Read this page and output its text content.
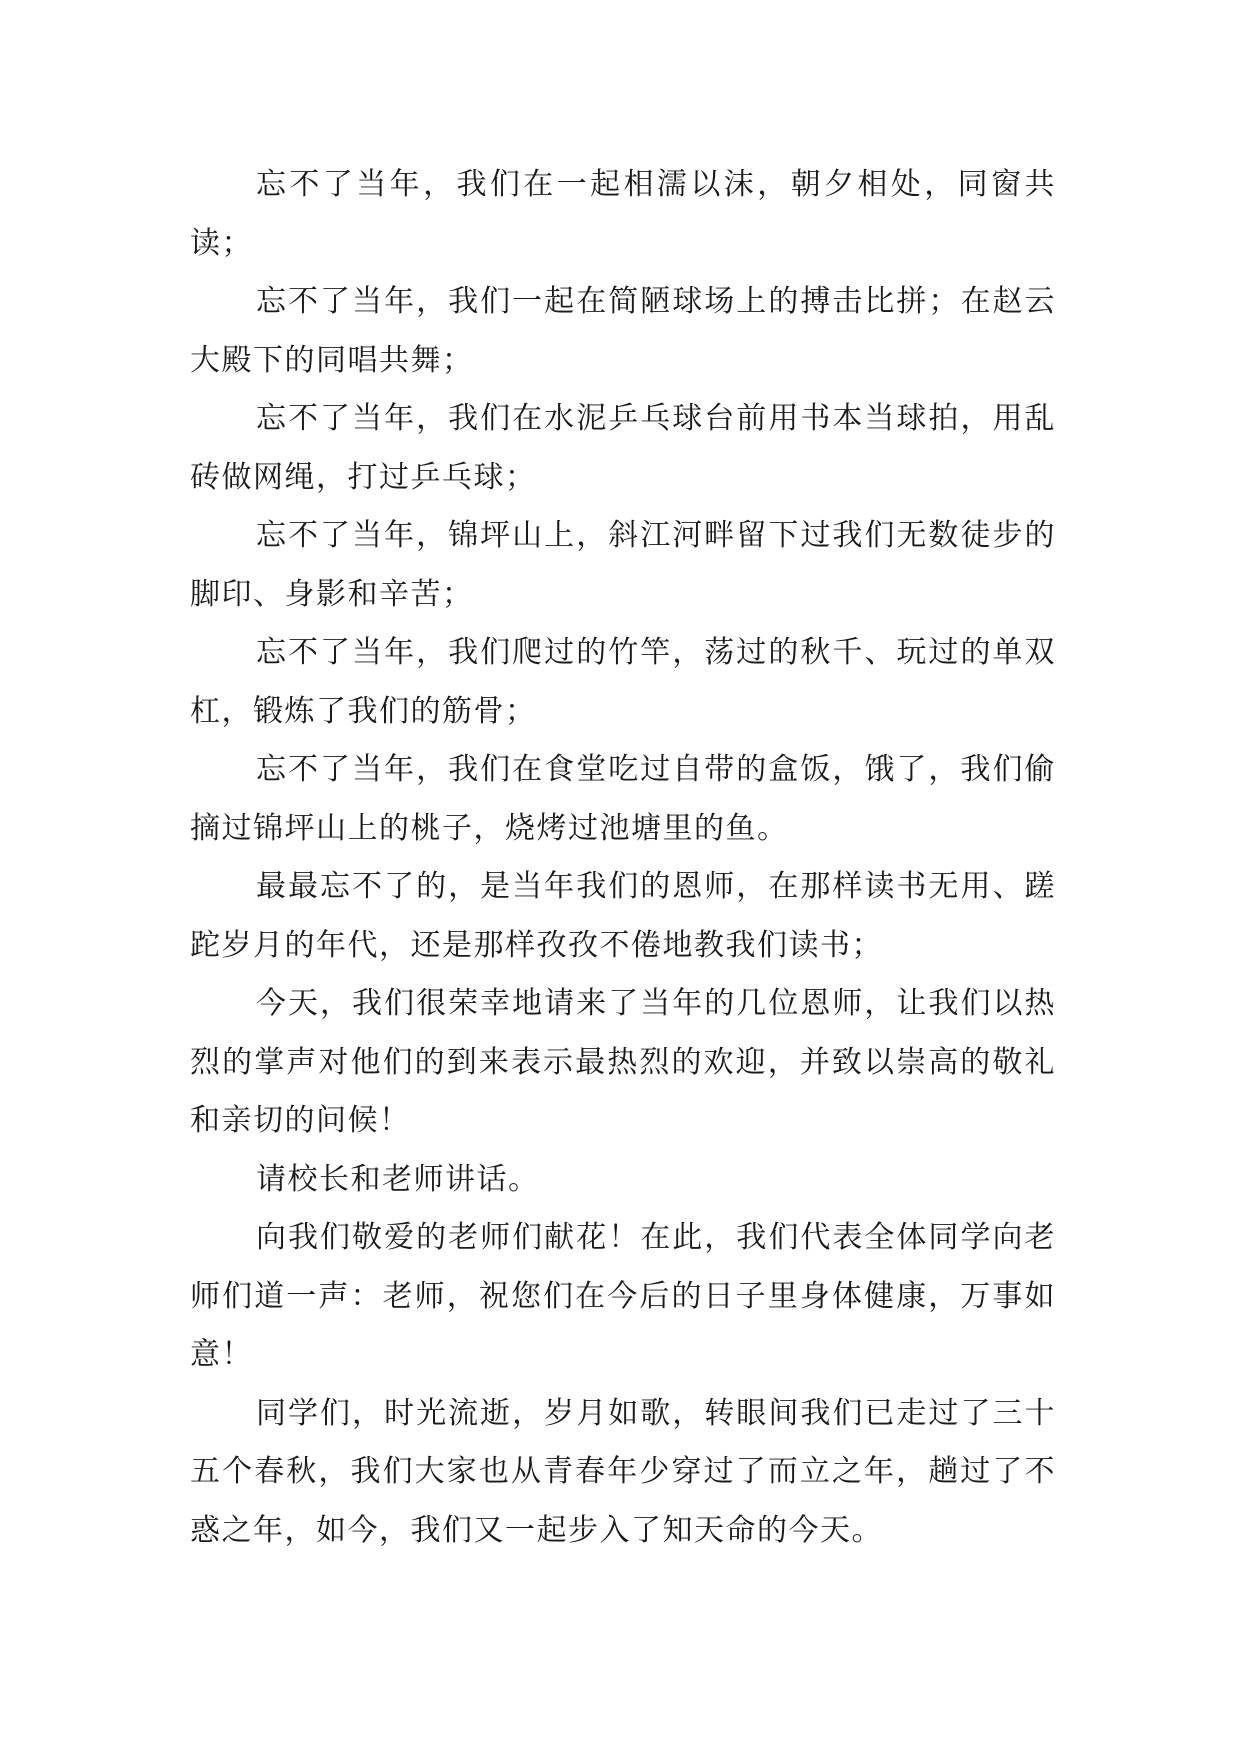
忘不了当年，我们在一起相濡以沫，朝夕相处，同窗共读；

忘不了当年，我们一起在简陋球场上的搏击比拼；在赵云大殿下的同唱共舞；

忘不了当年，我们在水泥乒乓球台前用书本当球拍，用乱砖做网绳，打过乒乓球；

忘不了当年，锦坪山上，斜江河畔留下过我们无数徒步的脚印、身影和辛苦；

忘不了当年，我们爬过的竹竿，荡过的秋千、玩过的单双杠，锻炼了我们的筋骨；

忘不了当年，我们在食堂吃过自带的盒饭，饿了，我们偷摘过锦坪山上的桃子，烧烤过池塘里的鱼。

最最忘不了的，是当年我们的恩师，在那样读书无用、蹉跎岁月的年代，还是那样孜孜不倦地教我们读书；

今天，我们很荣幸地请来了当年的几位恩师，让我们以热烈的掌声对他们的到来表示最热烈的欢迎，并致以崇高的敬礼和亲切的问候！

请校长和老师讲话。

向我们敬爱的老师们献花！在此，我们代表全体同学向老师们道一声：老师，祝您们在今后的日子里身体健康，万事如意！

同学们，时光流逝，岁月如歌，转眼间我们已走过了三十五个春秋，我们大家也从青春年少穿过了而立之年，趟过了不惑之年，如今，我们又一起步入了知天命的今天。
